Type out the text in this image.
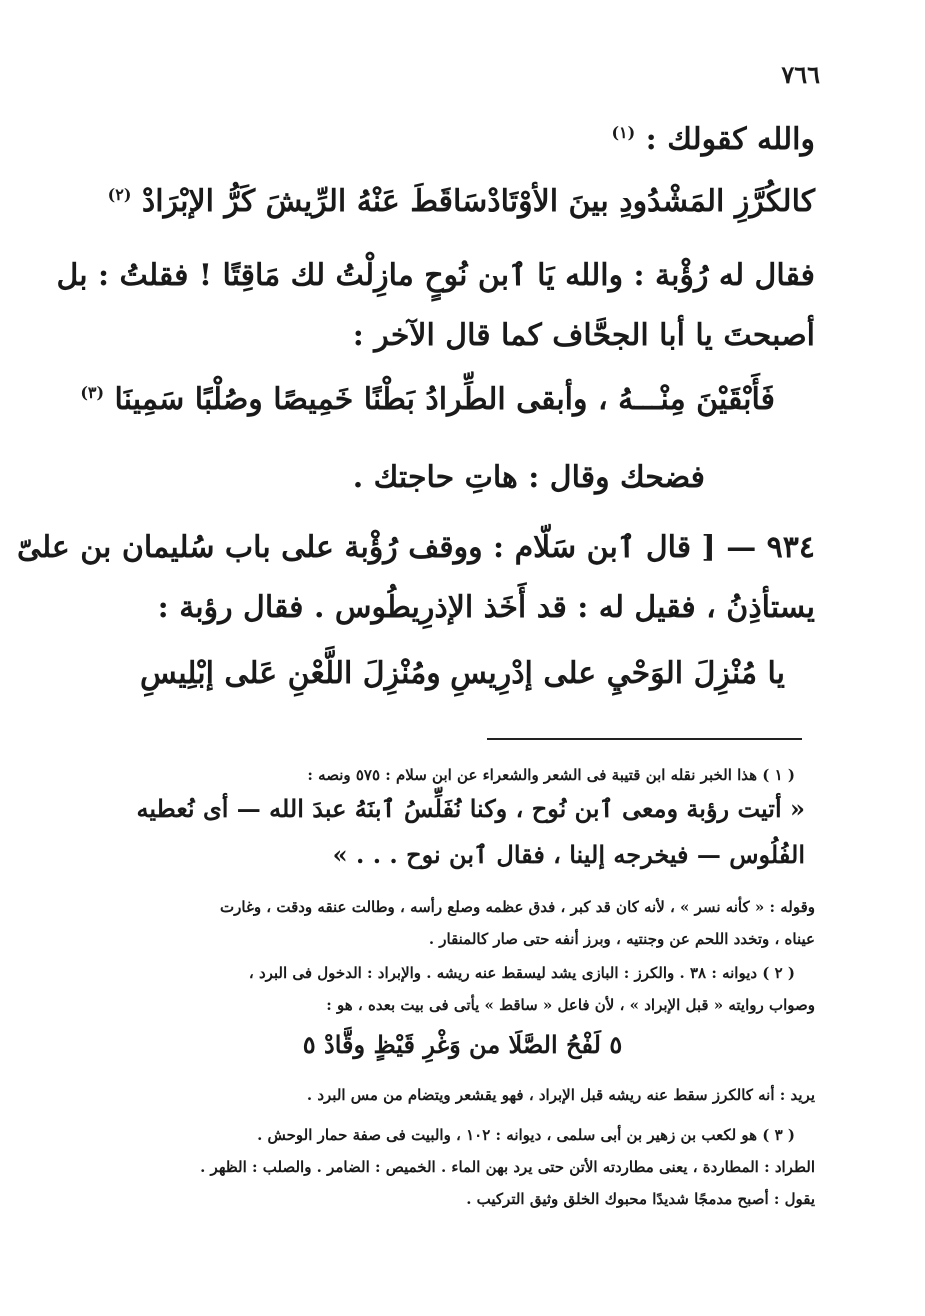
٧٦٦
والله كقولك : $^{(١)}$
كالكُرَّزِ المَشْدُودِ بينَ الأوْتَادْ
سَاقَطَ عَنْهُ الرِّيشَ كَرُّ الإبْرَادْ (٢)
فقال له رُؤْبة : والله يَا ٱبن نُوحٍ مازِلْتُ لك مَاقِتًا ! فقلتُ : بل
أصبحتَ يا أبا الجحَّاف كما قال الآخر :
فَأَبْقَيْنَ مِنْـــهُ ، وأبقى الطِّرا
دُ بَطْنًا خَمِيصًا وصُلْبًا سَمِينَا (٣)
فضحك وقال : هاتِ حاجتك .
٩٣٤ — [ قال ٱبن سَلّام : ووقف رُؤْبة على باب سُليمان بن علىّ
يستأذِنُ ، فقيل له : قد أَخَذ الإذرِيطُوس . فقال رؤبة :
يا مُنْزِلَ الوَحْيِ على إدْرِيسِ
ومُنْزِلَ اللَّعْنِ عَلى إبْلِيسِ
( ١ ) هذا الخبر نقله ابن قتيبة فى الشعر والشعراء عن ابن سلام : ٥٧٥ ونصه :
« أتيت رؤبة ومعى ٱبن نُوح ، وكنا نُفَلِّسُ ٱبنَهُ عبدَ الله — أى نُعطيه
الفُلُوس — فيخرجه إلينا ، فقال ٱبن نوح . . . »
وقوله : « كأنه نسر » ، لأنه كان قد كبر ، فدق عظمه وصلع رأسه ، وطالت عنقه ودقت ، وغارت
عيناه ، وتخدد اللحم عن وجنتيه ، وبرز أنفه حتى صار كالمنقار .
( ٢ ) ديوانه : ٣٨ . والكرز : البازى يشد ليسقط عنه ريشه . والإبراد : الدخول فى البرد ،
وصواب روايته « قبل الإبراد » ، لأن فاعل « ساقط » يأتى فى بيت بعده ، هو :
٥ لَفْحُ الصَّلَا من وَغْرِ قَيْظٍ وقَّادْ ٥
يريد : أنه كالكرز سقط عنه ريشه قبل الإبراد ، فهو يقشعر ويتضام من مس البرد .
( ٣ ) هو لكعب بن زهير بن أبى سلمى ، ديوانه : ١٠٢ ، والبيت فى صفة حمار الوحش .
الطراد : المطاردة ، يعنى مطاردته الأتن حتى يرد بهن الماء . الخميص : الضامر . والصلب : الظهر .
يقول : أصبح مدمجًا شديدًا محبوك الخلق وثيق التركيب .
